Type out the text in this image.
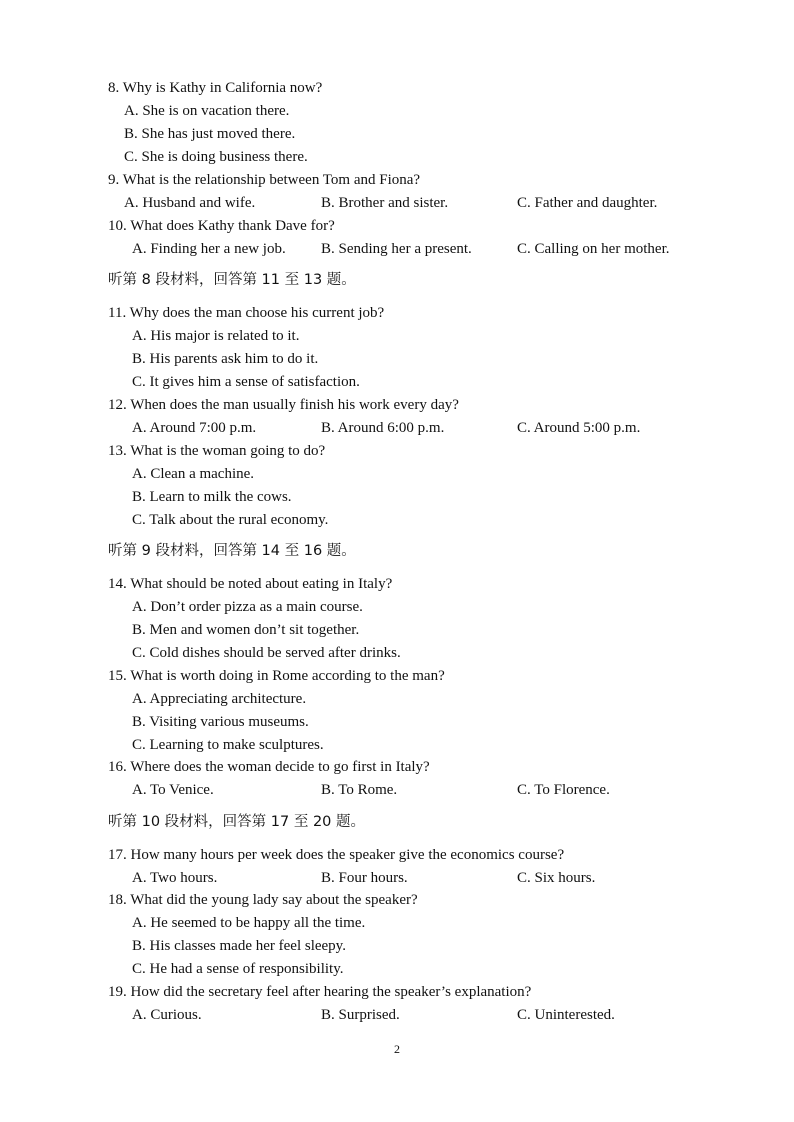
8. Why is Kathy in California now?
A. She is on vacation there.
B. She has just moved there.
C. She is doing business there.
9. What is the relationship between Tom and Fiona?
A. Husband and wife.	B. Brother and sister.	C. Father and daughter.
10. What does Kathy thank Dave for?
A. Finding her a new job. B. Sending her a present.	C. Calling on her mother.
听第 8 段材料，回答第 11 至 13 题。
11. Why does the man choose his current job?
A. His major is related to it.
B. His parents ask him to do it.
C. It gives him a sense of satisfaction.
12. When does the man usually finish his work every day?
A. Around 7:00 p.m.	B. Around 6:00 p.m.	C. Around 5:00 p.m.
13. What is the woman going to do?
A. Clean a machine.
B. Learn to milk the cows.
C. Talk about the rural economy.
听第 9 段材料，回答第 14 至 16 题。
14. What should be noted about eating in Italy?
A. Don’t order pizza as a main course.
B. Men and women don’t sit together.
C. Cold dishes should be served after drinks.
15. What is worth doing in Rome according to the man?
A. Appreciating architecture.
B. Visiting various museums.
C. Learning to make sculptures.
16. Where does the woman decide to go first in Italy?
A. To Venice.	B. To Rome.	C. To Florence.
听第 10 段材料，回答第 17 至 20 题。
17. How many hours per week does the speaker give the economics course?
A. Two hours.	B. Four hours.	C. Six hours.
18. What did the young lady say about the speaker?
A. He seemed to be happy all the time.
B. His classes made her feel sleepy.
C. He had a sense of responsibility.
19. How did the secretary feel after hearing the speaker’s explanation?
A. Curious.	B. Surprised.	C. Uninterested.
2
